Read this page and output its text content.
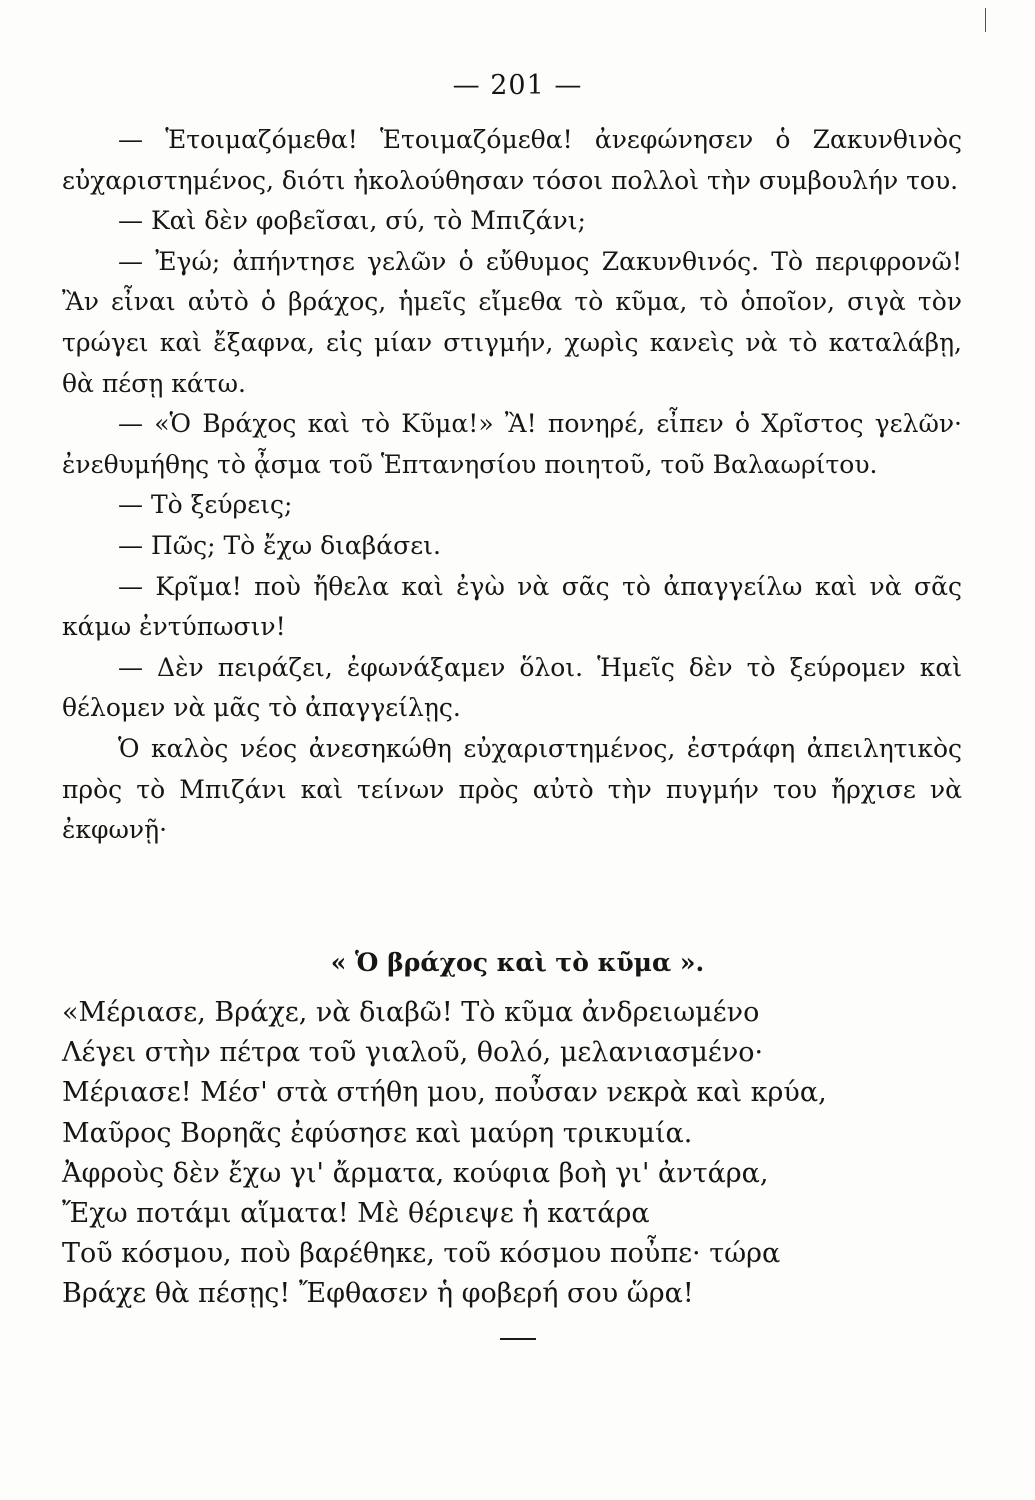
— 201 —

— Ἑτοιμαζόμεθα! Ἑτοιμαζόμεθα! ἀνεφώνησεν ὁ Ζακυνθινὸς εὐχαριστημένος, διότι ἠκολούθησαν τόσοι πολλοὶ τὴν συμβουλήν του.

— Καὶ δὲν φοβεῖσαι, σύ, τὸ Μπιζάνι;

— Ἐγώ; ἀπήντησε γελῶν ὁ εὔθυμος Ζακυνθινός. Τὸ περιφρονῶ! Ἂν εἶναι αὐτὸ ὁ βράχος, ἡμεῖς εἴμεθα τὸ κῦμα, τὸ ὁποῖον, σιγὰ τὸν τρώγει καὶ ἔξαφνα, εἰς μίαν στιγμήν, χωρὶς κανεὶς νὰ τὸ καταλάβῃ, θὰ πέσῃ κάτω.

— «Ὁ Βράχος καὶ τὸ Κῦμα!» Ἂ! πονηρέ, εἶπεν ὁ Χρῖστος γελῶν· ἐνεθυμήθης τὸ ᾆσμα τοῦ Ἑπτανησίου ποιητοῦ, τοῦ Βαλαωρίτου.

— Τὸ ξεύρεις;

— Πῶς; Τὸ ἔχω διαβάσει.

— Κρῖμα! ποὺ ἤθελα καὶ ἐγὼ νὰ σᾶς τὸ ἀπαγγείλω καὶ νὰ σᾶς κάμω ἐντύπωσιν!

— Δὲν πειράζει, ἐφωνάξαμεν ὅλοι. Ἡμεῖς δὲν τὸ ξεύρομεν καὶ θέλομεν νὰ μᾶς τὸ ἀπαγγείλῃς.

Ὁ καλὸς νέος ἀνεσηκώθη εὐχαριστημένος, ἐστράφη ἀπειλητικὸς πρὸς τὸ Μπιζάνι καὶ τείνων πρὸς αὐτὸ τὴν πυγμήν του ἤρχισε νὰ ἐκφωνῇ·

« Ὁ βράχος καὶ τὸ κῦμα ».
«Μέριασε, Βράχε, νὰ διαβῶ! Τὸ κῦμα ἀνδρειωμένο
Λέγει στὴν πέτρα τοῦ γιαλοῦ, θολό, μελανιασμένο·
Μέριασε! Μέσ' στὰ στήθη μου, ποὖσαν νεκρὰ καὶ κρύα,
Μαῦρος Βορηᾶς ἐφύσησε καὶ μαύρη τρικυμία.
Ἀφροὺς δὲν ἔχω γι' ἄρματα, κούφια βοὴ γι' ἀντάρα,
Ἔχω ποτάμι αἵματα! Μὲ θέριεψε ἡ κατάρα
Τοῦ κόσμου, ποὺ βαρέθηκε, τοῦ κόσμου ποὖπε· τώρα
Βράχε θὰ πέσῃς! Ἔφθασεν ἡ φοβερή σου ὥρα!
